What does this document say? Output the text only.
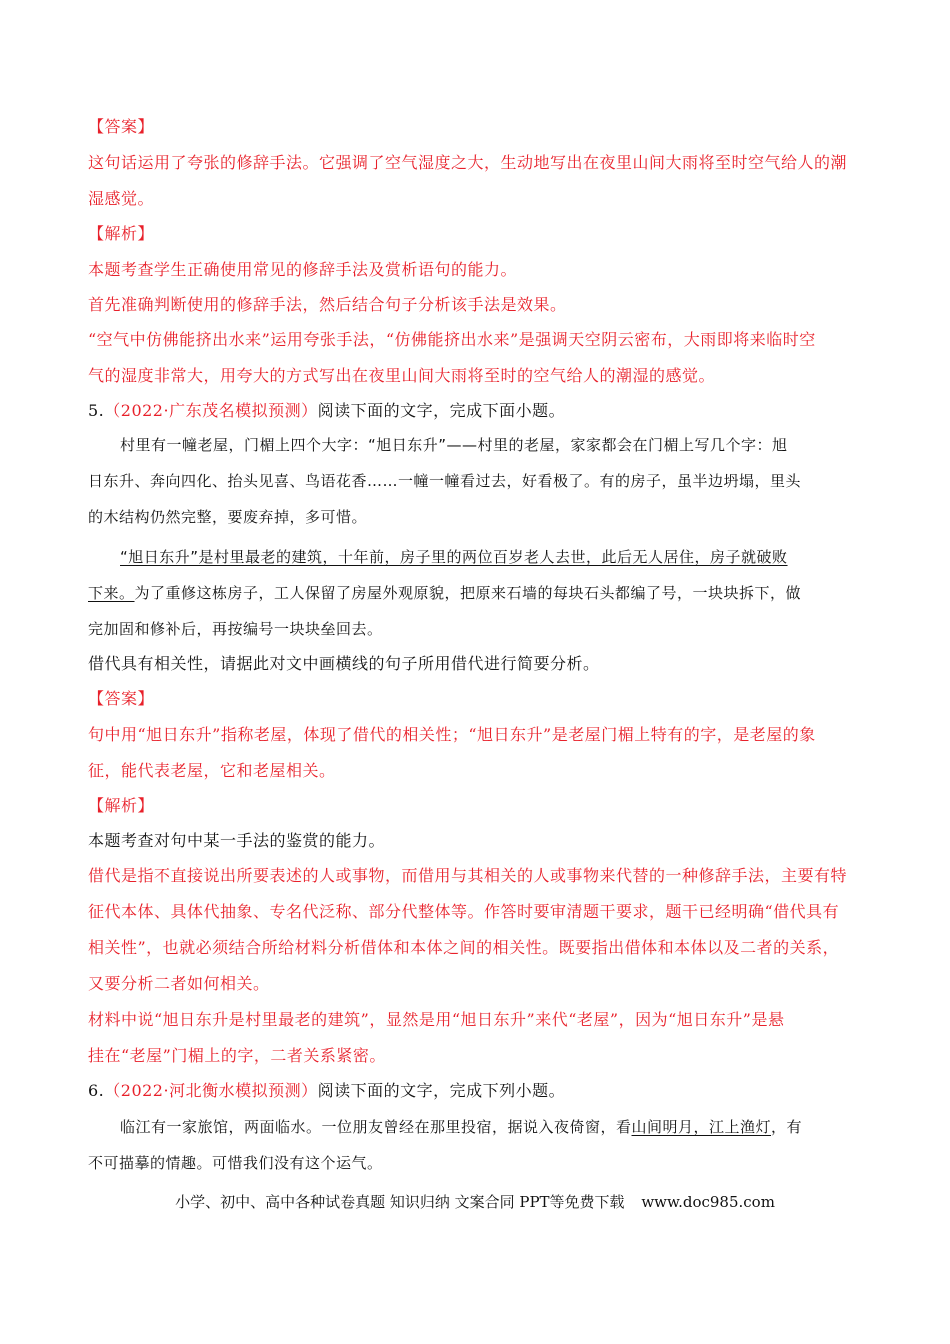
【答案】
这句话运用了夸张的修辞手法。它强调了空气湿度之大，生动地写出在夜里山间大雨将至时空气给人的潮
湿感觉。
【解析】
本题考查学生正确使用常见的修辞手法及赏析语句的能力。
首先准确判断使用的修辞手法，然后结合句子分析该手法是效果。
“空气中仿佛能挤出水来”运用夸张手法，“仿佛能挤出水来”是强调天空阴云密布，大雨即将来临时空
气的湿度非常大，用夸大的方式写出在夜里山间大雨将至时的空气给人的潮湿的感觉。
5.（2022·广东茂名模拟预测）阅读下面的文字，完成下面小题。
村里有一幢老屋，门楣上四个大字：“旭日东升”——村里的老屋，家家都会在门楣上写几个字：旭
日东升、奔向四化、抬头见喜、鸟语花香……一幢一幢看过去，好看极了。有的房子，虽半边坍塌，里头
的木结构仍然完整，要废弃掉，多可惜。
“旭日东升”是村里最老的建筑，十年前，房子里的两位百岁老人去世，此后无人居住，房子就破败
下来。为了重修这栋房子，工人保留了房屋外观原貌，把原来石墙的每块石头都编了号，一块块拆下，做
完加固和修补后，再按编号一块块垒回去。
借代具有相关性，请据此对文中画横线的句子所用借代进行简要分析。
【答案】
句中用“旭日东升”指称老屋，体现了借代的相关性；“旭日东升”是老屋门楣上特有的字，是老屋的象
征，能代表老屋，它和老屋相关。
【解析】
本题考查对句中某一手法的鉴赏的能力。
借代是指不直接说出所要表述的人或事物，而借用与其相关的人或事物来代替的一种修辞手法，主要有特
征代本体、具体代抽象、专名代泛称、部分代整体等。作答时要审清题干要求，题干已经明确“借代具有
相关性”，也就必须结合所给材料分析借体和本体之间的相关性。既要指出借体和本体以及二者的关系，
又要分析二者如何相关。
材料中说“旭日东升是村里最老的建筑”，显然是用“旭日东升”来代“老屋”，因为“旭日东升”是悬
挂在“老屋”门楣上的字，二者关系紧密。
6.（2022·河北衡水模拟预测）阅读下面的文字，完成下列小题。
临江有一家旅馆，两面临水。一位朋友曾经在那里投宿，据说入夜倚窗，看山间明月，江上渔灯，有
不可描摹的情趣。可惜我们没有这个运气。
小学、初中、高中各种试卷真题 知识归纳 文案合同 PPT等免费下载 www.doc985.com
